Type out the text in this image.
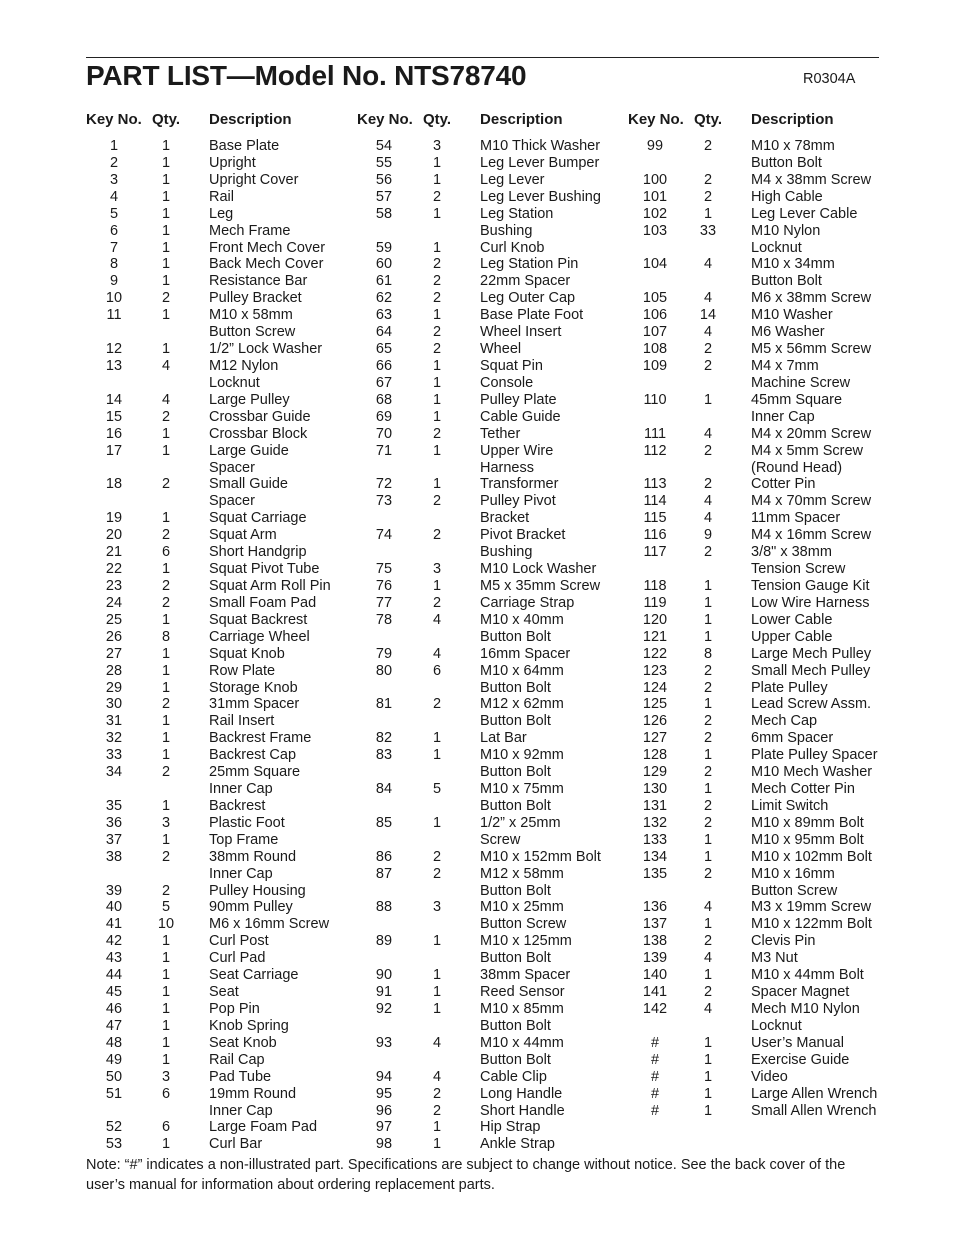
PART LIST—Model No. NTS78740	R0304A
Key No. Qty. Description
1	1	Base Plate
2	1	Upright
3	1	Upright Cover
4	1	Rail
5	1	Leg
6	1	Mech Frame
7	1	Front Mech Cover
8	1	Back Mech Cover
9	1	Resistance Bar
10	2	Pulley Bracket
11	1	M10 x 58mm
Button Screw
12	1	1/2” Lock Washer
13	4	M12 Nylon
Locknut
14	4	Large Pulley
15	2	Crossbar Guide
16	1	Crossbar Block
17	1	Large Guide
Spacer
18	2	Small Guide
Spacer
19	1	Squat Carriage
20	2	Squat Arm
21	6	Short Handgrip
22	1	Squat Pivot Tube
23	2	Squat Arm Roll Pin
24	2	Small Foam Pad
25	1	Squat Backrest
26	8	Carriage Wheel
27	1	Squat Knob
28	1	Row Plate
29	1	Storage Knob
30	2	31mm Spacer
31	1	Rail Insert
32	1	Backrest Frame
33	1	Backrest Cap
34	2	25mm Square
Inner Cap
35	1	Backrest
36	3	Plastic Foot
37	1	Top Frame
38	2	38mm Round
Inner Cap
39	2	Pulley Housing
40	5	90mm Pulley
41	10	M6 x 16mm Screw
42	1	Curl Post
43	1	Curl Pad
44	1	Seat Carriage
45	1	Seat
46	1	Pop Pin
47	1	Knob Spring
48	1	Seat Knob
49	1	Rail Cap
50	3	Pad Tube
51	6	19mm Round
Inner Cap
52	6	Large Foam Pad
53	1	Curl Bar
Key No. Qty. Description
54	3	M10 Thick Washer
55	1	Leg Lever Bumper
56	1	Leg Lever
57	2	Leg Lever Bushing
58	1	Leg Station
Bushing
59	1	Curl Knob
60	2	Leg Station Pin
61	2	22mm Spacer
62	2	Leg Outer Cap
63	1	Base Plate Foot
64	2	Wheel Insert
65	2	Wheel
66	1	Squat Pin
67	1	Console
68	1	Pulley Plate
69	1	Cable Guide
70	2	Tether
71	1	Upper Wire
Harness
72	1	Transformer
73	2	Pulley Pivot
Bracket
74	2	Pivot Bracket
Bushing
75	3	M10 Lock Washer
76	1	M5 x 35mm Screw
77	2	Carriage Strap
78	4	M10 x 40mm
Button Bolt
79	4	16mm Spacer
80	6	M10 x 64mm
Button Bolt
81	2	M12 x 62mm
Button Bolt
82	1	Lat Bar
83	1	M10 x 92mm
Button Bolt
84	5	M10 x 75mm
Button Bolt
85	1	1/2” x 25mm
Screw
86	2	M10 x 152mm Bolt
87	2	M12 x 58mm
Button Bolt
88	3	M10 x 25mm
Button Screw
89	1	M10 x 125mm
Button Bolt
90	1	38mm Spacer
91	1	Reed Sensor
92	1	M10 x 85mm
Button Bolt
93	4	M10 x 44mm
Button Bolt
94	4	Cable Clip
95	2	Long Handle
96	2	Short Handle
97	1	Hip Strap
98	1	Ankle Strap
Key No. Qty. Description
99	2	M10 x 78mm
Button Bolt
100	2	M4 x 38mm Screw
101	2	High Cable
102	1	Leg Lever Cable
103	33	M10 Nylon
Locknut
104	4	M10 x 34mm
Button Bolt
105	4	M6 x 38mm Screw
106	14	M10 Washer
107	4	M6 Washer
108	2	M5 x 56mm Screw
109	2	M4 x 7mm
Machine Screw
110	1	45mm Square
Inner Cap
111	4	M4 x 20mm Screw
112	2	M4 x 5mm Screw
(Round Head)
113	2	Cotter Pin
114	4	M4 x 70mm Screw
115	4	11mm Spacer
116	9	M4 x 16mm Screw
117	2	3/8" x 38mm
Tension Screw
118	1	Tension Gauge Kit
119	1	Low Wire Harness
120	1	Lower Cable
121	1	Upper Cable
122	8	Large Mech Pulley
123	2	Small Mech Pulley
124	2	Plate Pulley
125	1	Lead Screw Assm.
126	2	Mech Cap
127	2	6mm Spacer
128	1	Plate Pulley Spacer
129	2	M10 Mech Washer
130	1	Mech Cotter Pin
131	2	Limit Switch
132	2	M10 x 89mm Bolt
133	1	M10 x 95mm Bolt
134	1	M10 x 102mm Bolt
135	2	M10 x 16mm
Button Screw
136	4	M3 x 19mm Screw
137	1	M10 x 122mm Bolt
138	2	Clevis Pin
139	4	M3 Nut
140	1	M10 x 44mm Bolt
141	2	Spacer Magnet
142	4	Mech M10 Nylon
Locknut
#	1	User’s Manual
#	1	Exercise Guide
#	1	Video
#	1	Large Allen Wrench
#	1	Small Allen Wrench
Note: “#” indicates a non-illustrated part. Specifications are subject to change without notice. See the back cover of the user’s manual for information about ordering replacement parts.
